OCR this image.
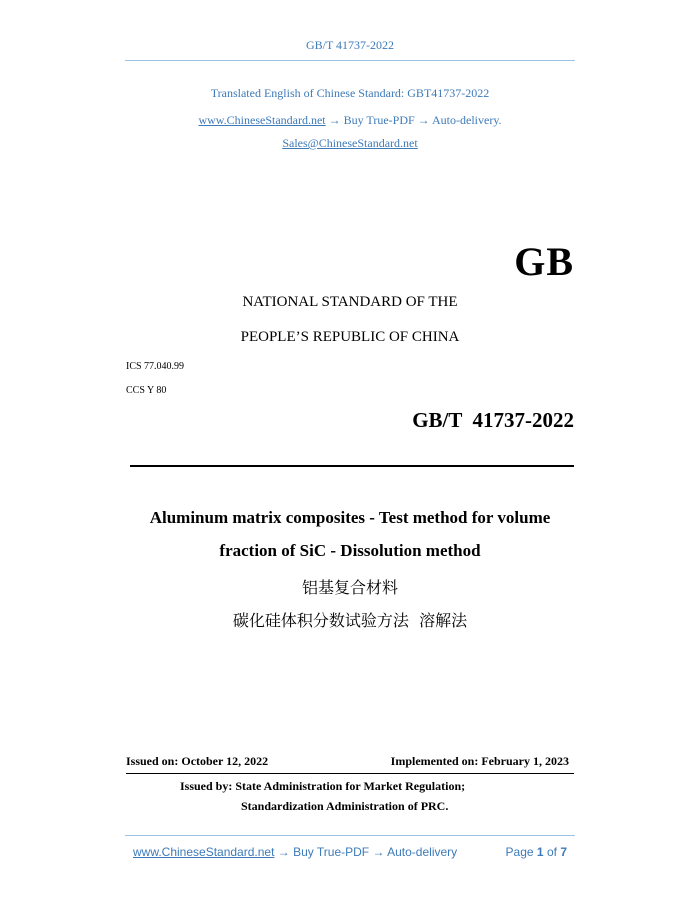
GB/T 41737-2022
Translated English of Chinese Standard: GBT41737-2022
www.ChineseStandard.net → Buy True-PDF → Auto-delivery.
Sales@ChineseStandard.net
GB
NATIONAL STANDARD OF THE
PEOPLE’S REPUBLIC OF CHINA
ICS 77.040.99
CCS Y 80
GB/T  41737-2022
Aluminum matrix composites - Test method for volume
fraction of SiC - Dissolution method
铝基复合材料
碳化硅体积分数试验方法  溶解法
Issued on: October 12, 2022	Implemented on: February 1, 2023
Issued by: State Administration for Market Regulation;
Standardization Administration of PRC.
www.ChineseStandard.net → Buy True-PDF → Auto-delivery	Page 1 of 7
